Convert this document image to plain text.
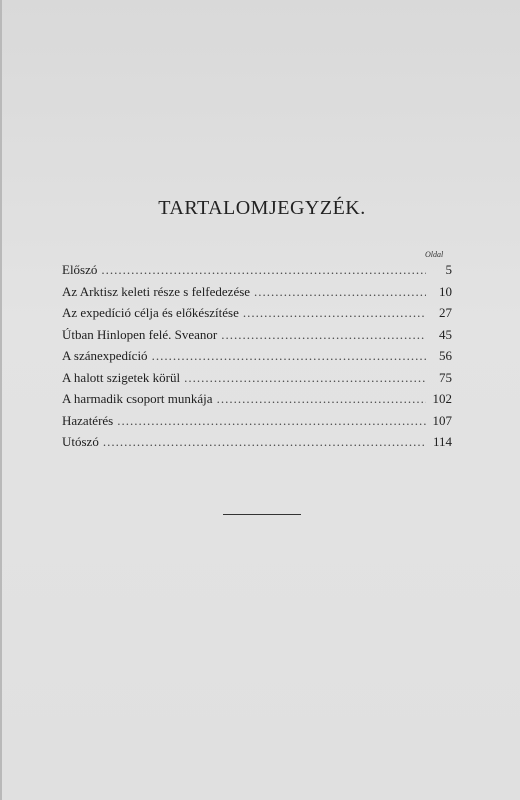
TARTALOMJEGYZÉK.
Oldal
Előszó .....	5
Az Arktisz keleti része s felfedezése .....	10
Az expedíció célja és előkészítése .....	27
Útban Hinlopen felé. Sveanor .....	45
A szánexpedíció .....	56
A halott szigetek körül .....	75
A harmadik csoport munkája .....	102
Hazatérés .....	107
Utószó .....	114
